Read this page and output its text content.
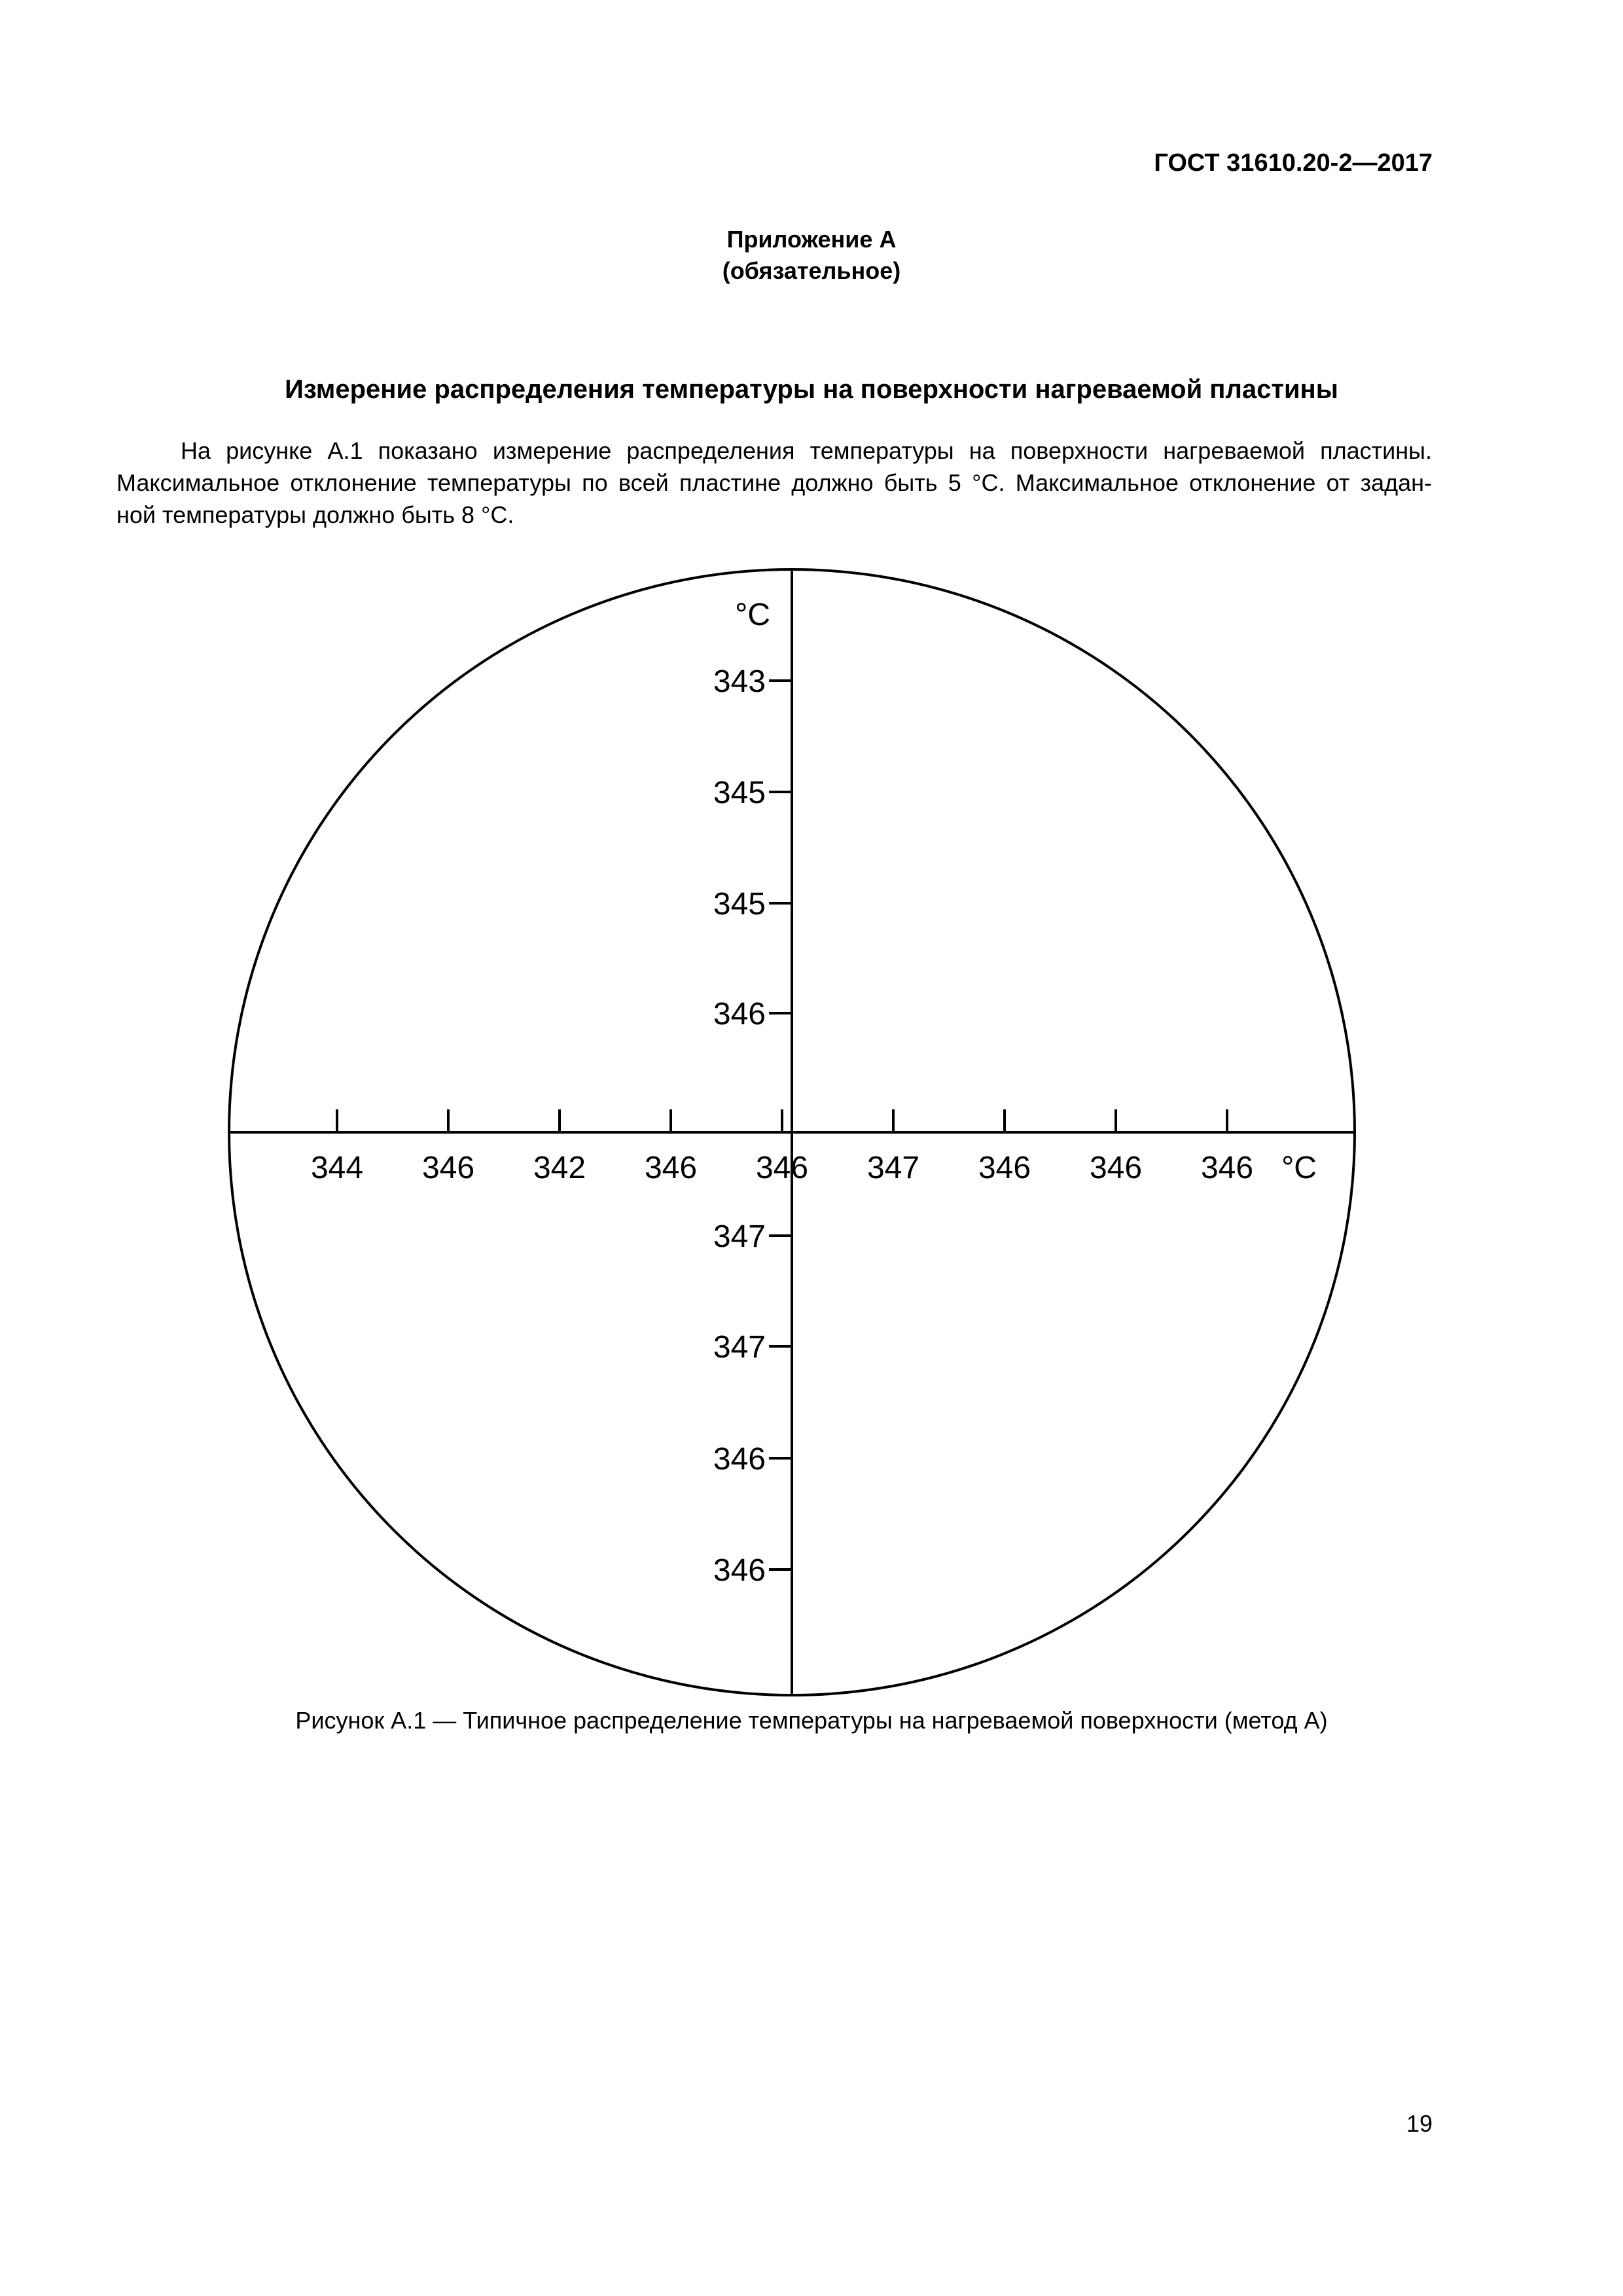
ГОСТ 31610.20-2—2017
Приложение А
(обязательное)
Измерение распределения температуры на поверхности нагреваемой пластины
На рисунке А.1 показано измерение распределения температуры на поверхности нагреваемой пластины.
Максимальное отклонение температуры по всей пластине должно быть 5 °С. Максимальное отклонение от задан-
ной температуры должно быть 8 °С.
°C
343
345
345
346
347
347
346
346
344 346 342 346 346 347 346 346 346 °C
Рисунок А.1 — Типичное распределение температуры на нагреваемой поверхности (метод А)
19
